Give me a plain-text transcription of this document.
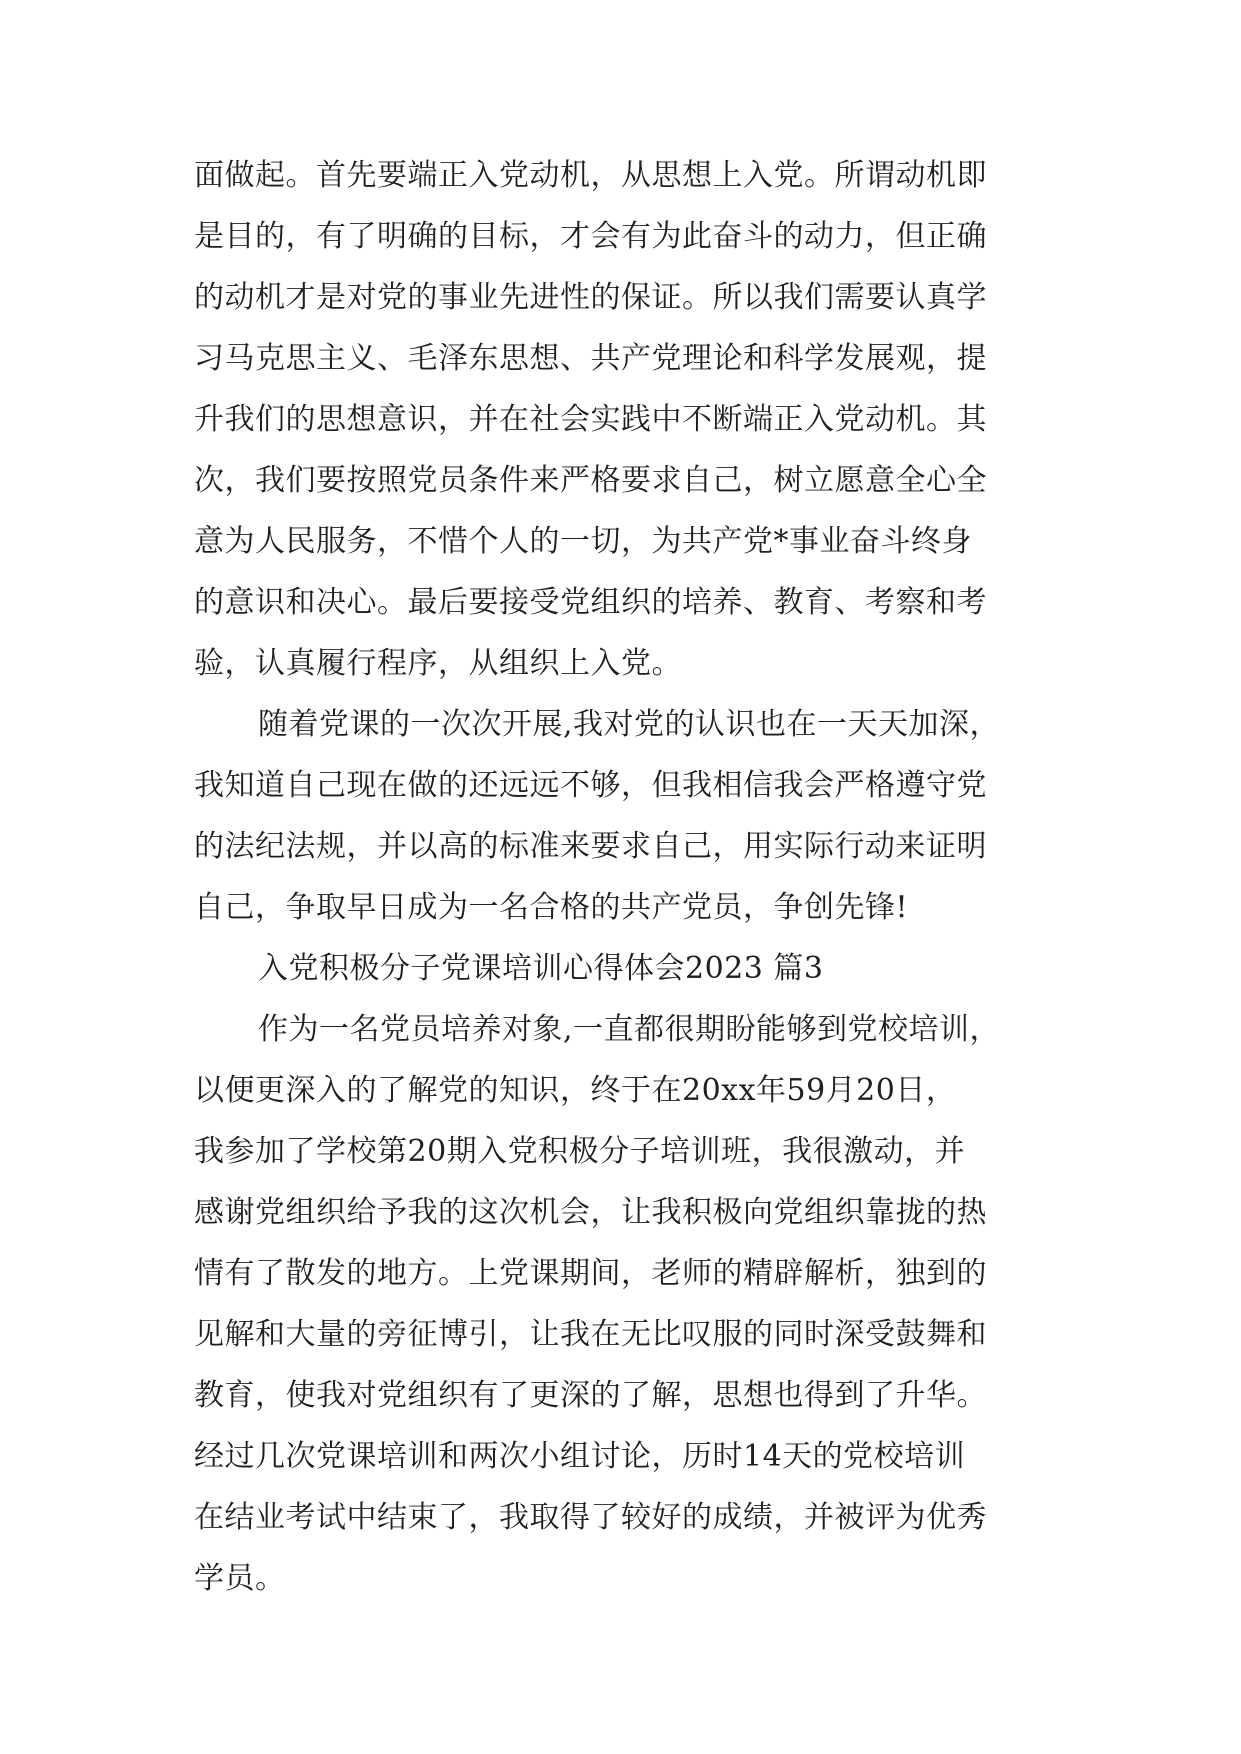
面做起。首先要端正入党动机，从思想上入党。所谓动机即
是目的，有了明确的目标，才会有为此奋斗的动力，但正确
的动机才是对党的事业先进性的保证。所以我们需要认真学
习马克思主义、毛泽东思想、共产党理论和科学发展观，提
升我们的思想意识，并在社会实践中不断端正入党动机。其
次，我们要按照党员条件来严格要求自己，树立愿意全心全
意为人民服务，不惜个人的一切，为共产党*事业奋斗终身
的意识和决心。最后要接受党组织的培养、教育、考察和考
验，认真履行程序，从组织上入党。
随着党课的一次次开展,我对党的认识也在一天天加深，
我知道自己现在做的还远远不够，但我相信我会严格遵守党
的法纪法规，并以高的标准来要求自己，用实际行动来证明
自己，争取早日成为一名合格的共产党员，争创先锋!
入党积极分子党课培训心得体会2023 篇3
作为一名党员培养对象,一直都很期盼能够到党校培训，
以便更深入的了解党的知识，终于在20xx年59月20日，
我参加了学校第20期入党积极分子培训班，我很激动，并
感谢党组织给予我的这次机会，让我积极向党组织靠拢的热
情有了散发的地方。上党课期间，老师的精辟解析，独到的
见解和大量的旁征博引，让我在无比叹服的同时深受鼓舞和
教育，使我对党组织有了更深的了解，思想也得到了升华。
经过几次党课培训和两次小组讨论，历时14天的党校培训
在结业考试中结束了，我取得了较好的成绩，并被评为优秀
学员。
